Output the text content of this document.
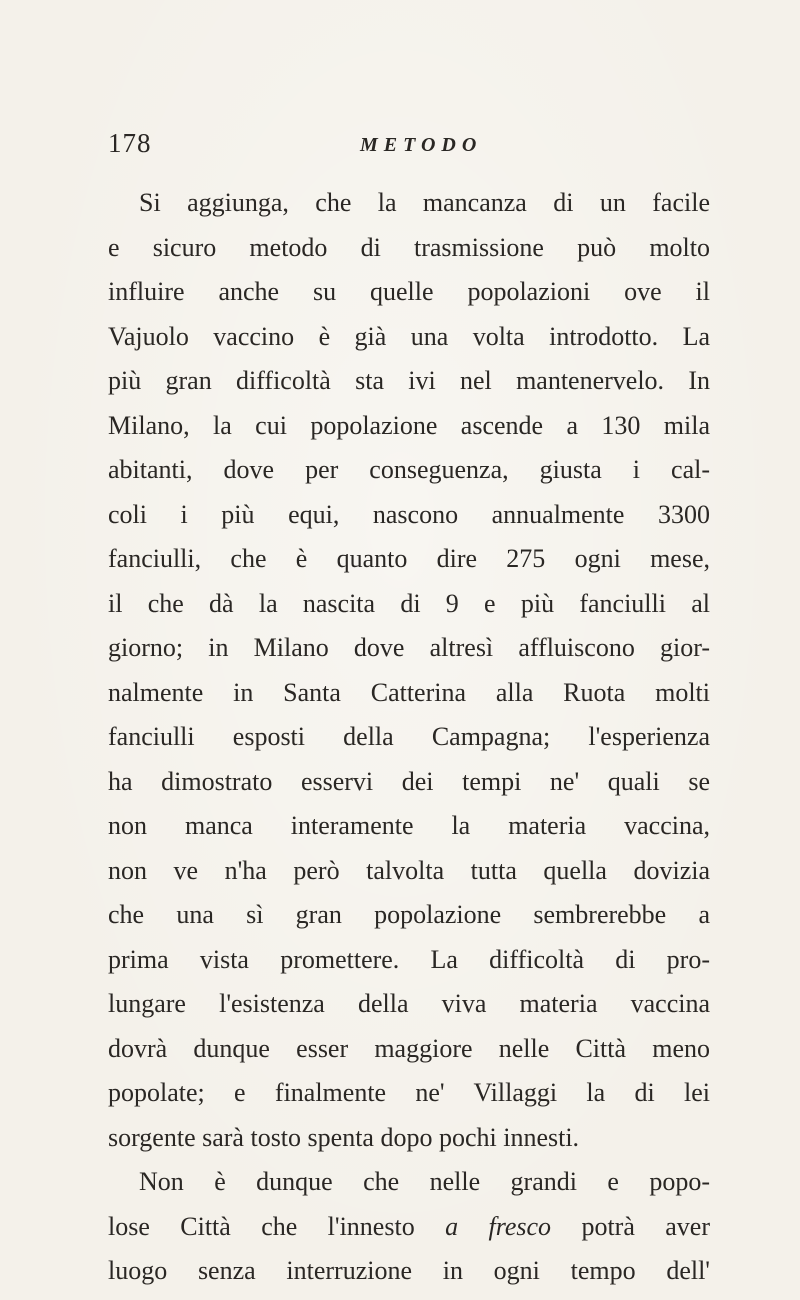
178	METODO
Si aggiunga, che la mancanza di un facile
e sicuro metodo di trasmissione può molto
influire anche su quelle popolazioni ove il
Vajuolo vaccino è già una volta introdotto. La
più gran difficoltà sta ivi nel mantenervelo. In
Milano, la cui popolazione ascende a 130 mila
abitanti, dove per conseguenza, giusta i cal-
coli i più equi, nascono annualmente 3300
fanciulli, che è quanto dire 275 ogni mese,
il che dà la nascita di 9 e più fanciulli al
giorno; in Milano dove altresì affluiscono gior-
nalmente in Santa Catterina alla Ruota molti
fanciulli esposti della Campagna; l'esperienza
ha dimostrato esservi dei tempi ne' quali se
non manca interamente la materia vaccina,
non ve n'ha però talvolta tutta quella dovizia
che una sì gran popolazione sembrerebbe a
prima vista promettere. La difficoltà di pro-
lungare l'esistenza della viva materia vaccina
dovrà dunque esser maggiore nelle Città meno
popolate; e finalmente ne' Villaggi la di lei
sorgente sarà tosto spenta dopo pochi innesti.
Non è dunque che nelle grandi e popo-
lose Città che l'innesto a fresco potrà aver
luogo senza interruzione in ogni tempo dell'
